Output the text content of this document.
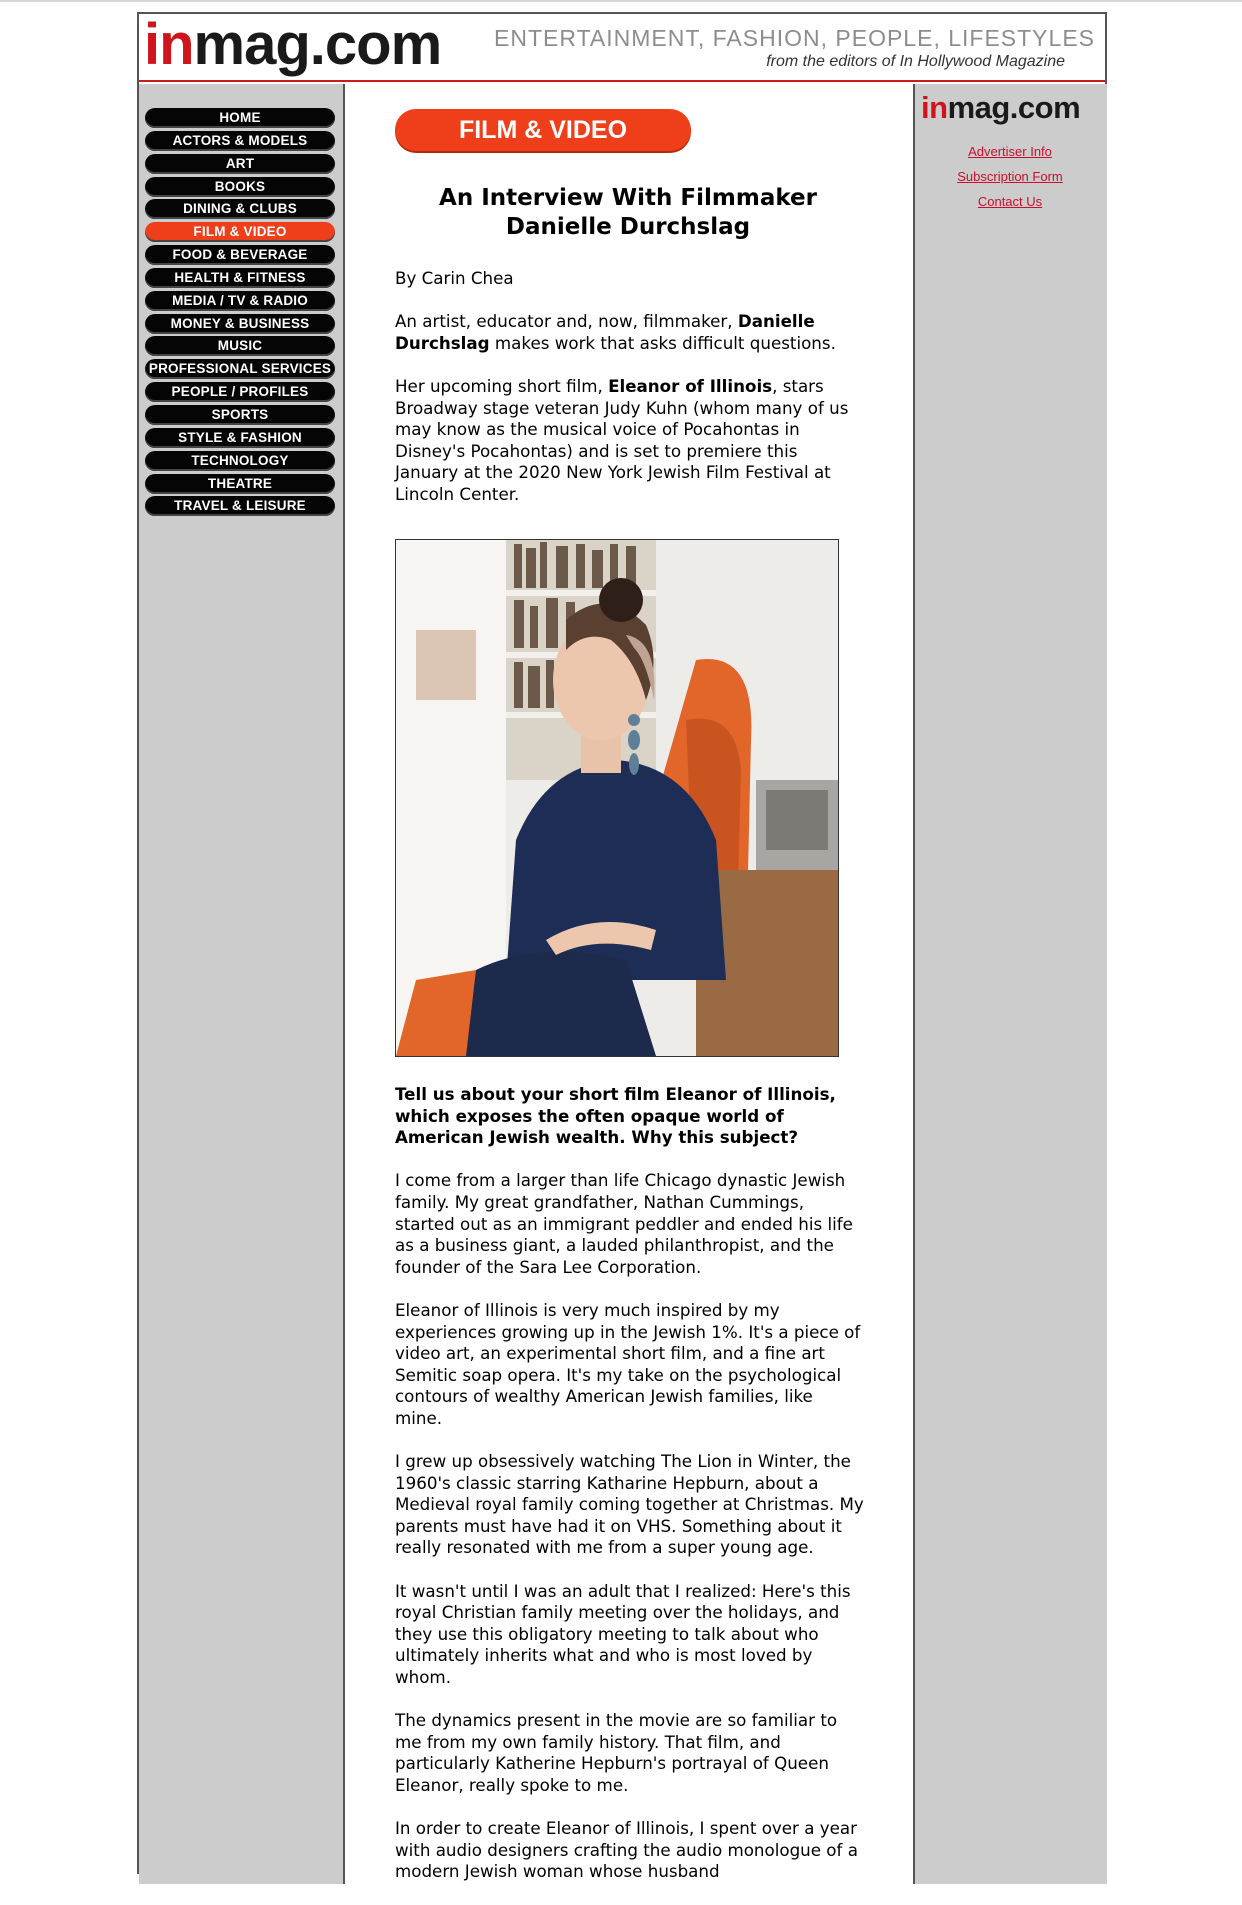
inmag.com ENTERTAINMENT, FASHION, PEOPLE, LIFESTYLES
from the editors of In Hollywood Magazine
HOME
ACTORS & MODELS
ART
BOOKS
DINING & CLUBS
FILM & VIDEO
FOOD & BEVERAGE
HEALTH & FITNESS
MEDIA / TV & RADIO
MONEY & BUSINESS
MUSIC
PROFESSIONAL SERVICES
PEOPLE / PROFILES
SPORTS
STYLE & FASHION
TECHNOLOGY
THEATRE
TRAVEL & LEISURE
FILM & VIDEO
An Interview With Filmmaker
Danielle Durchslag

By Carin Chea

An artist, educator and, now, filmmaker, Danielle Durchslag makes work that asks difficult questions.

Her upcoming short film, Eleanor of Illinois, stars Broadway stage veteran Judy Kuhn (whom many of us may know as the musical voice of Pocahontas in Disney's Pocahontas) and is set to premiere this January at the 2020 New York Jewish Film Festival at Lincoln Center.

Tell us about your short film Eleanor of Illinois, which exposes the often opaque world of American Jewish wealth. Why this subject?

I come from a larger than life Chicago dynastic Jewish family. My great grandfather, Nathan Cummings, started out as an immigrant peddler and ended his life as a business giant, a lauded philanthropist, and the founder of the Sara Lee Corporation.

Eleanor of Illinois is very much inspired by my experiences growing up in the Jewish 1%. It's a piece of video art, an experimental short film, and a fine art Semitic soap opera. It's my take on the psychological contours of wealthy American Jewish families, like mine.

I grew up obsessively watching The Lion in Winter, the 1960's classic starring Katharine Hepburn, about a Medieval royal family coming together at Christmas. My parents must have had it on VHS. Something about it really resonated with me from a super young age.

It wasn't until I was an adult that I realized: Here's this royal Christian family meeting over the holidays, and they use this obligatory meeting to talk about who ultimately inherits what and who is most loved by whom.

The dynamics present in the movie are so familiar to me from my own family history. That film, and particularly Katherine Hepburn's portrayal of Queen Eleanor, really spoke to me.

In order to create Eleanor of Illinois, I spent over a year with audio designers crafting the audio monologue of a modern Jewish woman whose husband

inmag.com
Advertiser Info
Subscription Form
Contact Us
